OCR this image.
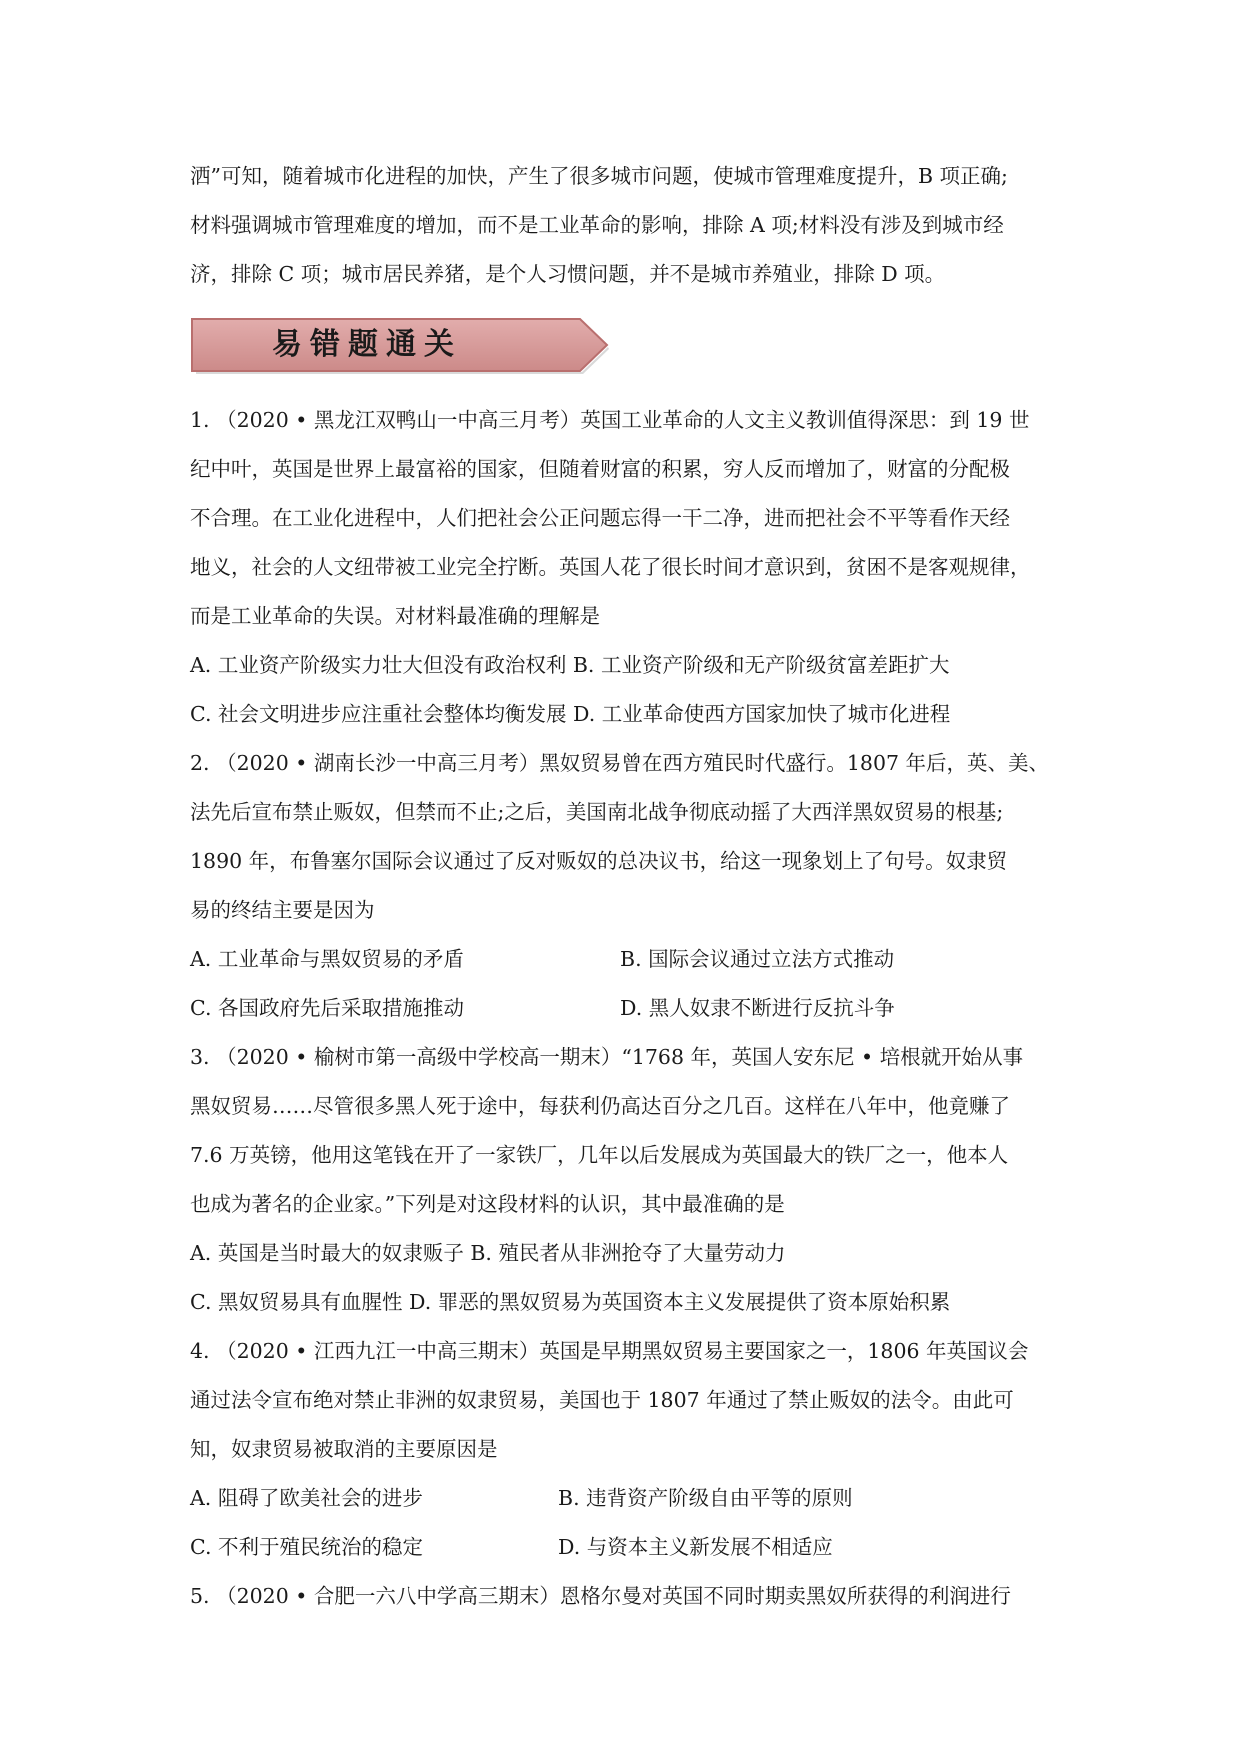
洒”可知，随着城市化进程的加快，产生了很多城市问题，使城市管理难度提升，B 项正确;
材料强调城市管理难度的增加，而不是工业革命的影响，排除 A 项;材料没有涉及到城市经
济，排除 C 项；城市居民养猪，是个人习惯问题，并不是城市养殖业，排除 D 项。
易错题通关
1. （2020 • 黑龙江双鸭山一中高三月考）英国工业革命的人文主义教训值得深思：到 19 世
纪中叶，英国是世界上最富裕的国家，但随着财富的积累，穷人反而增加了，财富的分配极
不合理。在工业化进程中，人们把社会公正问题忘得一干二净，进而把社会不平等看作天经
地义，社会的人文纽带被工业完全拧断。英国人花了很长时间才意识到，贫困不是客观规律，
而是工业革命的失误。对材料最准确的理解是
A. 工业资产阶级实力壮大但没有政治权利 B. 工业资产阶级和无产阶级贫富差距扩大
C. 社会文明进步应注重社会整体均衡发展 D. 工业革命使西方国家加快了城市化进程
2. （2020 • 湖南长沙一中高三月考）黑奴贸易曾在西方殖民时代盛行。1807 年后，英、美、
法先后宣布禁止贩奴，但禁而不止;之后，美国南北战争彻底动摇了大西洋黑奴贸易的根基;
1890 年，布鲁塞尔国际会议通过了反对贩奴的总决议书，给这一现象划上了句号。奴隶贸
易的终结主要是因为
A. 工业革命与黑奴贸易的矛盾	B. 国际会议通过立法方式推动
C. 各国政府先后采取措施推动	D. 黑人奴隶不断进行反抗斗争
3. （2020 • 榆树市第一高级中学校高一期末）“1768 年，英国人安东尼 • 培根就开始从事
黑奴贸易……尽管很多黑人死于途中，每获利仍高达百分之几百。这样在八年中，他竟赚了
7.6 万英镑，他用这笔钱在开了一家铁厂，几年以后发展成为英国最大的铁厂之一，他本人
也成为著名的企业家。”下列是对这段材料的认识，其中最准确的是
A. 英国是当时最大的奴隶贩子 B. 殖民者从非洲抢夺了大量劳动力
C. 黑奴贸易具有血腥性 D. 罪恶的黑奴贸易为英国资本主义发展提供了资本原始积累
4. （2020 • 江西九江一中高三期末）英国是早期黑奴贸易主要国家之一，1806 年英国议会
通过法令宣布绝对禁止非洲的奴隶贸易，美国也于 1807 年通过了禁止贩奴的法令。由此可
知，奴隶贸易被取消的主要原因是
A. 阻碍了欧美社会的进步	B. 违背资产阶级自由平等的原则
C. 不利于殖民统治的稳定	D. 与资本主义新发展不相适应
5. （2020 • 合肥一六八中学高三期末）恩格尔曼对英国不同时期卖黑奴所获得的利润进行
